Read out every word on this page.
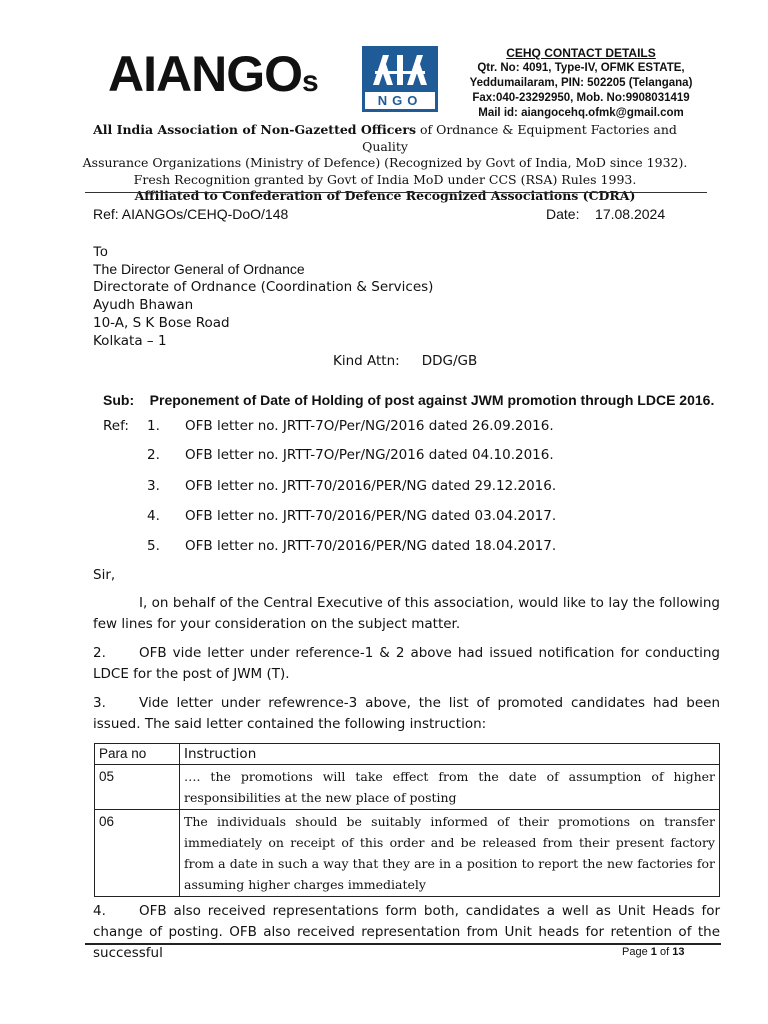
AIANGOs
NGO
CEHQ CONTACT DETAILS
Qtr. No: 4091, Type-IV, OFMK ESTATE,
Yeddumailaram, PIN: 502205 (Telangana)
Fax:040-23292950, Mob. No:9908031419
Mail id: aiangocehq.ofmk@gmail.com
All India Association of Non-Gazetted Officers of Ordnance & Equipment Factories and Quality
Assurance Organizations (Ministry of Defence) (Recognized by Govt of India, MoD since 1932).
Fresh Recognition granted by Govt of India MoD under CCS (RSA) Rules 1993.
Affiliated to Confederation of Defence Recognized Associations (CDRA)
Ref: AIANGOs/CEHQ-DoO/148	Date: 17.08.2024
To
The Director General of Ordnance
Directorate of Ordnance (Coordination & Services)
Ayudh Bhawan
10-A, S K Bose Road
Kolkata – 1
Kind Attn: DDG/GB
Sub: Preponement of Date of Holding of post against JWM promotion through LDCE 2016.
Ref: 1. OFB letter no. JRTT-7O/Per/NG/2016 dated 26.09.2016.
2. OFB letter no. JRTT-7O/Per/NG/2016 dated 04.10.2016.
3. OFB letter no. JRTT-70/2016/PER/NG dated 29.12.2016.
4. OFB letter no. JRTT-70/2016/PER/NG dated 03.04.2017.
5. OFB letter no. JRTT-70/2016/PER/NG dated 18.04.2017.
Sir,
I, on behalf of the Central Executive of this association, would like to lay the following few lines for your consideration on the subject matter.
2. OFB vide letter under reference-1 & 2 above had issued notification for conducting LDCE for the post of JWM (T).
3. Vide letter under refewrence-3 above, the list of promoted candidates had been issued. The said letter contained the following instruction:
Para no	Instruction
05	…. the promotions will take effect from the date of assumption of higher responsibilities at the new place of posting
06	The individuals should be suitably informed of their promotions on transfer immediately on receipt of this order and be released from their present factory from a date in such a way that they are in a position to report the new factories for assuming higher charges immediately
4. OFB also received representations form both, candidates a well as Unit Heads for change of posting. OFB also received representation from Unit heads for retention of the successful	Page 1 of 13
